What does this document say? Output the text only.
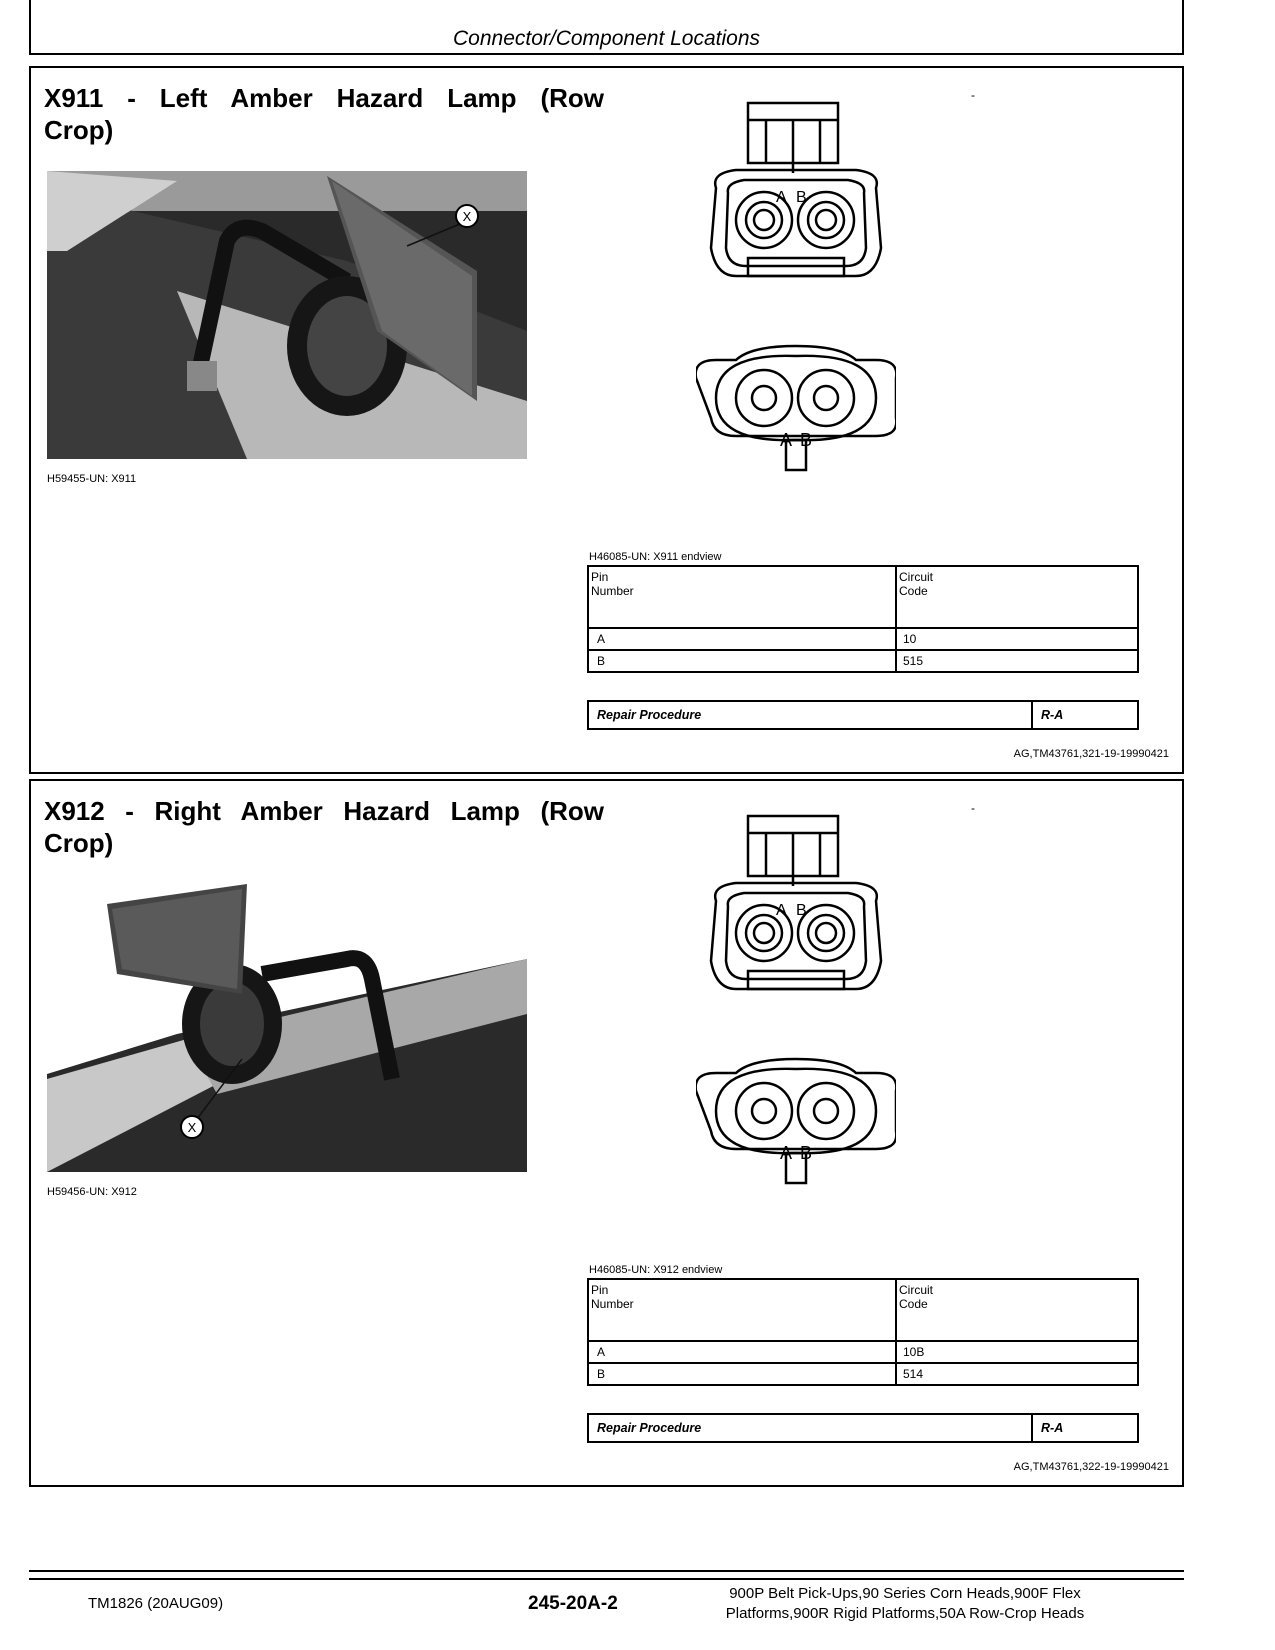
Connector/Component Locations
X911 - Left Amber Hazard Lamp (Row Crop)
-
X
H59455-UN: X911
A B
A B
H46085-UN: X911 endview
Pin
Number	Circuit
Code
A	10
B	515
Repair Procedure	R-A
AG,TM43761,321-19-19990421
X912 - Right Amber Hazard Lamp (Row Crop)
-
X
H59456-UN: X912
A B
A B
H46085-UN: X912 endview
Pin
Number	Circuit
Code
A	10B
B	514
Repair Procedure	R-A
AG,TM43761,322-19-19990421
TM1826 (20AUG09)	245-20A-2	900P Belt Pick-Ups,90 Series Corn Heads,900F Flex
Platforms,900R Rigid Platforms,50A Row-Crop Heads
